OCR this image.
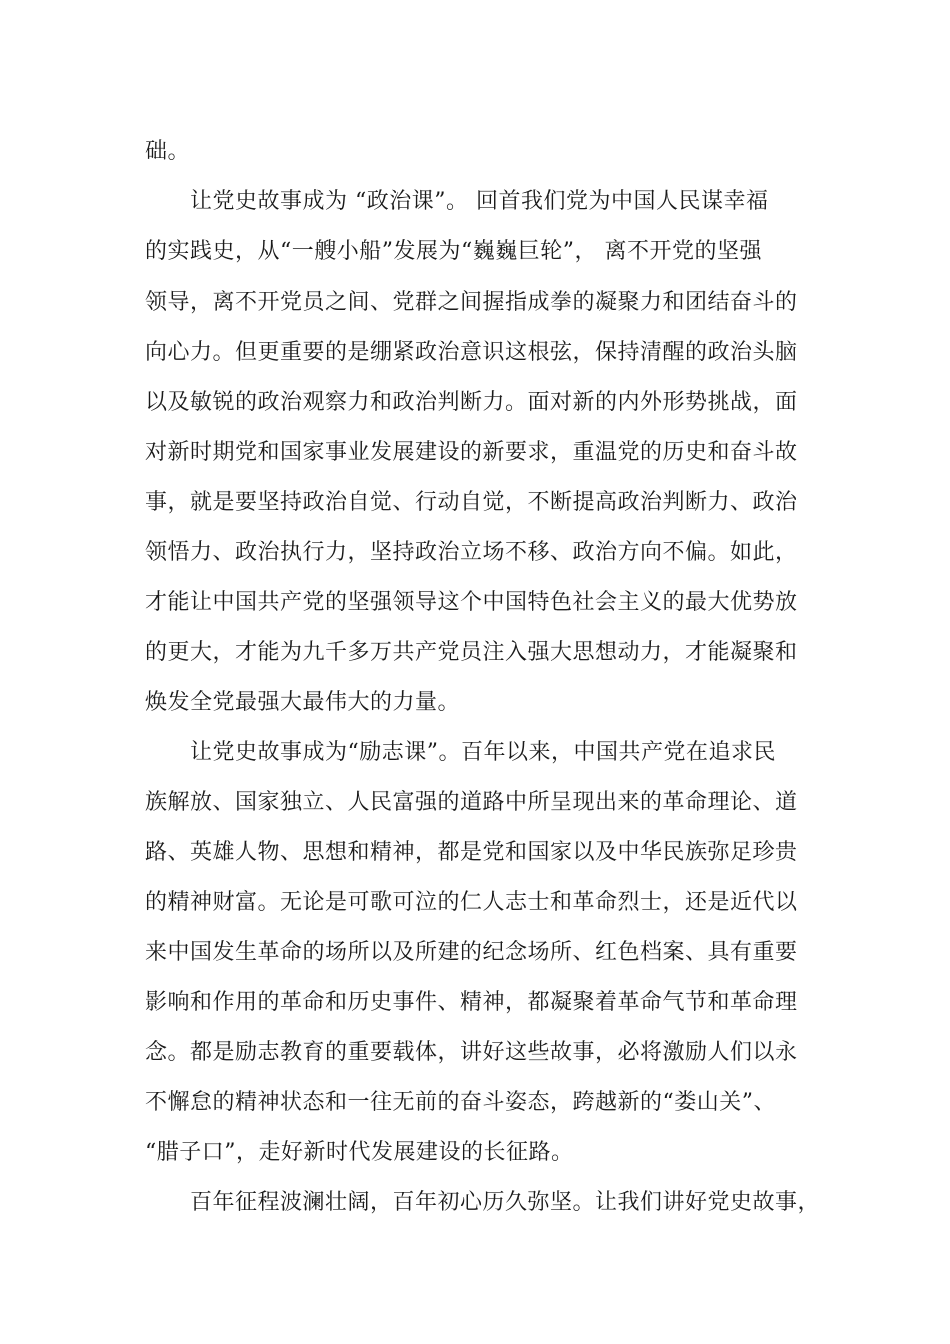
础。
让党史故事成为 “政治课”。 回首我们党为中国人民谋幸福
的实践史，从“一艘小船”发展为“巍巍巨轮”， 离不开党的坚强
领导，离不开党员之间、党群之间握指成拳的凝聚力和团结奋斗的
向心力。但更重要的是绷紧政治意识这根弦，保持清醒的政治头脑
以及敏锐的政治观察力和政治判断力。面对新的内外形势挑战，面
对新时期党和国家事业发展建设的新要求，重温党的历史和奋斗故
事，就是要坚持政治自觉、行动自觉，不断提高政治判断力、政治
领悟力、政治执行力，坚持政治立场不移、政治方向不偏。如此，
才能让中国共产党的坚强领导这个中国特色社会主义的最大优势放
的更大，才能为九千多万共产党员注入强大思想动力，才能凝聚和
焕发全党最强大最伟大的力量。
让党史故事成为“励志课”。百年以来，中国共产党在追求民
族解放、国家独立、人民富强的道路中所呈现出来的革命理论、道
路、英雄人物、思想和精神，都是党和国家以及中华民族弥足珍贵
的精神财富。无论是可歌可泣的仁人志士和革命烈士，还是近代以
来中国发生革命的场所以及所建的纪念场所、红色档案、具有重要
影响和作用的革命和历史事件、精神，都凝聚着革命气节和革命理
念。都是励志教育的重要载体，讲好这些故事，必将激励人们以永
不懈怠的精神状态和一往无前的奋斗姿态，跨越新的“娄山关”、
“腊子口”，走好新时代发展建设的长征路。
百年征程波澜壮阔，百年初心历久弥坚。让我们讲好党史故事，
